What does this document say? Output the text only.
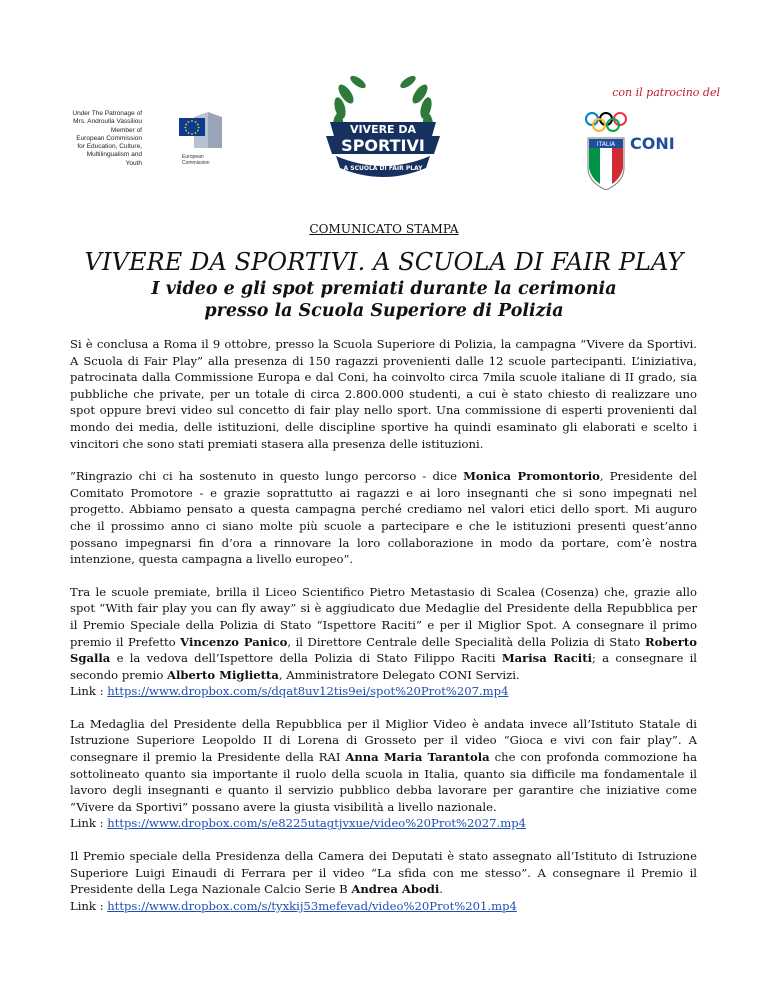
Under The Patronage of
Mrs. Androulla Vassiliou
Member of
European Commission
for Education, Culture,
Multilingualism and
Youth
European
Commission
VIVERE DA
SPORTIVI
A SCUOLA DI FAIR PLAY
con il patrocino del
ITALIA CONI
COMUNICATO STAMPA
VIVERE DA SPORTIVI. A SCUOLA DI FAIR PLAY
I video e gli spot premiati durante la cerimonia
presso la Scuola Superiore di Polizia

Si è conclusa a Roma il 9 ottobre, presso la Scuola Superiore di Polizia, la campagna “Vivere da Sportivi. A Scuola di Fair Play” alla presenza di 150 ragazzi provenienti dalle 12 scuole partecipanti. L’iniziativa, patrocinata dalla Commissione Europa e dal Coni, ha coinvolto circa 7mila scuole italiane di II grado, sia pubbliche che private, per un totale di circa 2.800.000 studenti, a cui è stato chiesto di realizzare uno spot oppure brevi video sul concetto di fair play nello sport. Una commissione di esperti provenienti dal mondo dei media, delle istituzioni, delle discipline sportive ha quindi esaminato gli elaborati e scelto i vincitori che sono stati premiati stasera alla presenza delle istituzioni.

”Ringrazio chi ci ha sostenuto in questo lungo percorso - dice Monica Promontorio, Presidente del Comitato Promotore - e grazie soprattutto ai ragazzi e ai loro insegnanti che si sono impegnati nel progetto. Abbiamo pensato a questa campagna perché crediamo nel valori etici dello sport. Mi auguro che il prossimo anno ci siano molte più scuole a partecipare e che le istituzioni presenti quest’anno possano impegnarsi fin d’ora a rinnovare la loro collaborazione in modo da portare, com’è nostra intenzione, questa campagna a livello europeo”.

Tra le scuole premiate, brilla il Liceo Scientifico Pietro Metastasio di Scalea (Cosenza) che, grazie allo spot “With fair play you can fly away” si è aggiudicato due Medaglie del Presidente della Repubblica per il Premio Speciale della Polizia di Stato “Ispettore Raciti” e per il Miglior Spot. A consegnare il primo premio il Prefetto Vincenzo Panico, il Direttore Centrale delle Specialità della Polizia di Stato Roberto Sgalla e la vedova dell’Ispettore della Polizia di Stato Filippo Raciti Marisa Raciti; a consegnare il secondo premio Alberto Miglietta, Amministratore Delegato CONI Servizi.
Link : https://www.dropbox.com/s/dqat8uv12tis9ei/spot%20Prot%207.mp4

La Medaglia del Presidente della Repubblica per il Miglior Video è andata invece all’Istituto Statale di Istruzione Superiore Leopoldo II di Lorena di Grosseto per il video “Gioca e vivi con fair play”. A consegnare il premio la Presidente della RAI Anna Maria Tarantola che con profonda commozione ha sottolineato quanto sia importante il ruolo della scuola in Italia, quanto sia difficile ma fondamentale il lavoro degli insegnanti e quanto il servizio pubblico debba lavorare per garantire che iniziative come “Vivere da Sportivi” possano avere la giusta visibilità a livello nazionale.
Link : https://www.dropbox.com/s/e8225utagtjvxue/video%20Prot%2027.mp4

Il Premio speciale della Presidenza della Camera dei Deputati è stato assegnato all’Istituto di Istruzione Superiore Luigi Einaudi di Ferrara per il video “La sfida con me stesso”. A consegnare il Premio il Presidente della Lega Nazionale Calcio Serie B Andrea Abodi.
Link : https://www.dropbox.com/s/tyxkij53mefevad/video%20Prot%201.mp4
